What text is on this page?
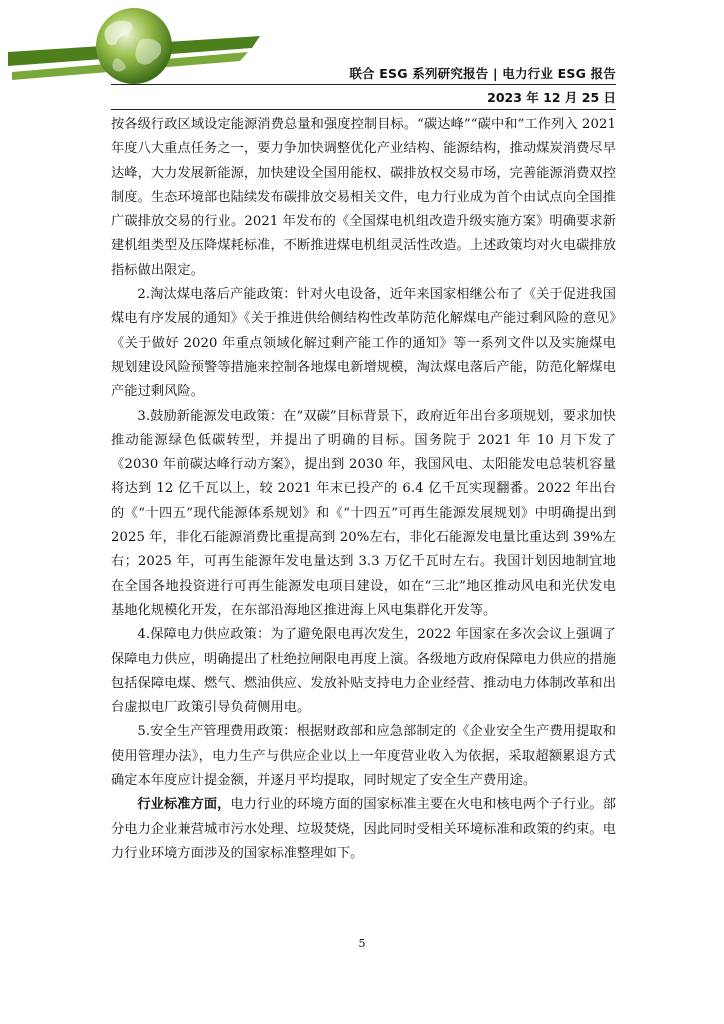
联合 ESG 系列研究报告 | 电力行业 ESG 报告
2023 年 12 月 25 日

按各级行政区域设定能源消费总量和强度控制目标。“碳达峰”“碳中和”工作列入 2021 年度八大重点任务之一，要力争加快调整优化产业结构、能源结构，推动煤炭消费尽早达峰，大力发展新能源，加快建设全国用能权、碳排放权交易市场，完善能源消费双控制度。生态环境部也陆续发布碳排放交易相关文件，电力行业成为首个由试点向全国推广碳排放交易的行业。2021 年发布的《全国煤电机组改造升级实施方案》明确要求新建机组类型及压降煤耗标准，不断推进煤电机组灵活性改造。上述政策均对火电碳排放指标做出限定。

2.淘汰煤电落后产能政策：针对火电设备，近年来国家相继公布了《关于促进我国煤电有序发展的通知》《关于推进供给侧结构性改革防范化解煤电产能过剩风险的意见》《关于做好 2020 年重点领域化解过剩产能工作的通知》等一系列文件以及实施煤电规划建设风险预警等措施来控制各地煤电新增规模，淘汰煤电落后产能，防范化解煤电产能过剩风险。

3.鼓励新能源发电政策：在“双碳”目标背景下，政府近年出台多项规划，要求加快推动能源绿色低碳转型，并提出了明确的目标。国务院于 2021 年 10 月下发了《2030 年前碳达峰行动方案》，提出到 2030 年，我国风电、太阳能发电总装机容量将达到 12 亿千瓦以上，较 2021 年末已投产的 6.4 亿千瓦实现翻番。2022 年出台的《“十四五”现代能源体系规划》和《“十四五”可再生能源发展规划》中明确提出到 2025 年，非化石能源消费比重提高到 20%左右，非化石能源发电量比重达到 39%左右；2025 年，可再生能源年发电量达到 3.3 万亿千瓦时左右。我国计划因地制宜地在全国各地投资进行可再生能源发电项目建设，如在“三北”地区推动风电和光伏发电基地化规模化开发，在东部沿海地区推进海上风电集群化开发等。

4.保障电力供应政策：为了避免限电再次发生，2022 年国家在多次会议上强调了保障电力供应，明确提出了杜绝拉闸限电再度上演。各级地方政府保障电力供应的措施包括保障电煤、燃气、燃油供应、发放补贴支持电力企业经营、推动电力体制改革和出台虚拟电厂政策引导负荷侧用电。

5.安全生产管理费用政策：根据财政部和应急部制定的《企业安全生产费用提取和使用管理办法》，电力生产与供应企业以上一年度营业收入为依据，采取超额累退方式确定本年度应计提金额，并逐月平均提取，同时规定了安全生产费用途。

行业标准方面，电力行业的环境方面的国家标准主要在火电和核电两个子行业。部分电力企业兼营城市污水处理、垃圾焚烧，因此同时受相关环境标准和政策的约束。电力行业环境方面涉及的国家标准整理如下。

5
